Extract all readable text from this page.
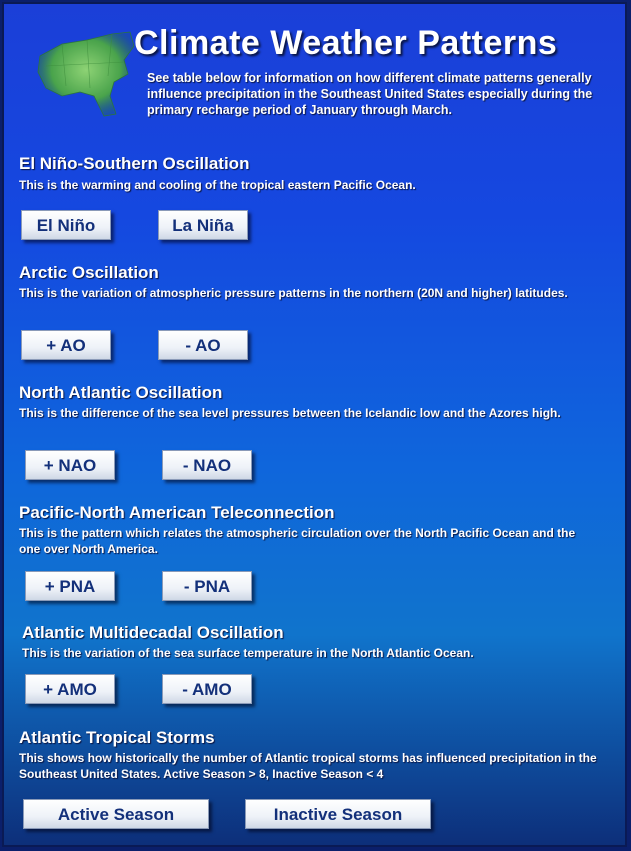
Climate Weather Patterns
See table below for information on how different climate patterns generally influence precipitation in the Southeast United States especially during the primary recharge period of January through March.
El Niño-Southern Oscillation
This is the warming and cooling of the tropical eastern Pacific Ocean.
El Niño	La Niña
Arctic Oscillation
This is the variation of atmospheric pressure patterns in the northern (20N and higher) latitudes.
+ AO	- AO
North Atlantic Oscillation
This is the difference of the sea level pressures between the Icelandic low and the Azores high.
+ NAO	- NAO
Pacific-North American Teleconnection
This is the pattern which relates the atmospheric circulation over the North Pacific Ocean and the one over North America.
+ PNA	- PNA
Atlantic Multidecadal Oscillation
This is the variation of the sea surface temperature in the North Atlantic Ocean.
+ AMO	- AMO
Atlantic Tropical Storms
This shows how historically the number of Atlantic tropical storms has influenced precipitation in the Southeast United States. Active Season > 8, Inactive Season < 4
Active Season	Inactive Season
